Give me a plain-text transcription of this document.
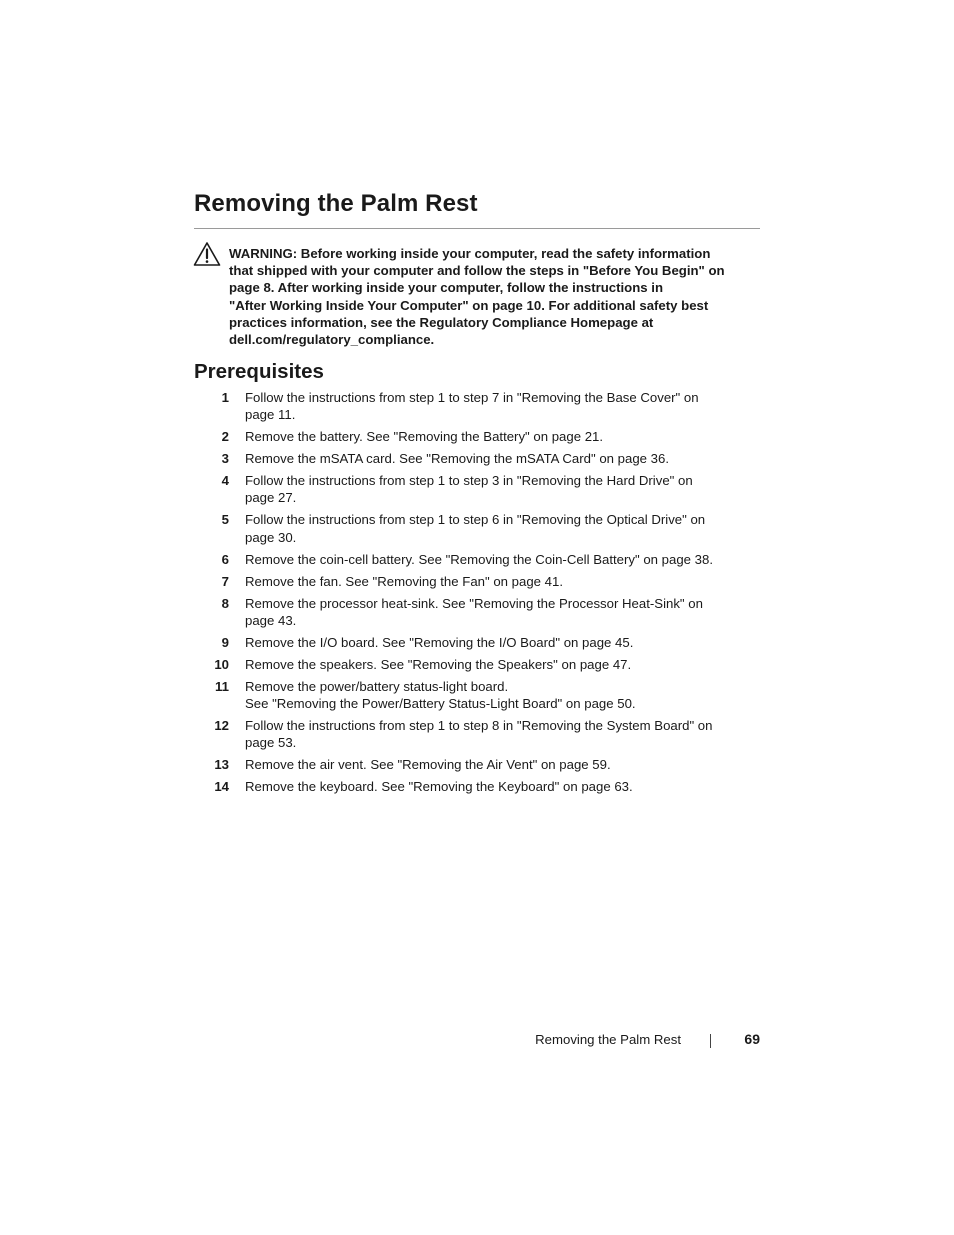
Removing the Palm Rest
WARNING: Before working inside your computer, read the safety information
that shipped with your computer and follow the steps in "Before You Begin" on
page 8. After working inside your computer, follow the instructions in
"After Working Inside Your Computer" on page 10. For additional safety best
practices information, see the Regulatory Compliance Homepage at
dell.com/regulatory_compliance.
Prerequisites
1 Follow the instructions from step 1 to step 7 in "Removing the Base Cover" on
page 11.
2 Remove the battery. See "Removing the Battery" on page 21.
3 Remove the mSATA card. See "Removing the mSATA Card" on page 36.
4 Follow the instructions from step 1 to step 3 in "Removing the Hard Drive" on
page 27.
5 Follow the instructions from step 1 to step 6 in "Removing the Optical Drive" on
page 30.
6 Remove the coin-cell battery. See "Removing the Coin-Cell Battery" on page 38.
7 Remove the fan. See "Removing the Fan" on page 41.
8 Remove the processor heat-sink. See "Removing the Processor Heat-Sink" on
page 43.
9 Remove the I/O board. See "Removing the I/O Board" on page 45.
10 Remove the speakers. See "Removing the Speakers" on page 47.
11 Remove the power/battery status-light board.
See "Removing the Power/Battery Status-Light Board" on page 50.
12 Follow the instructions from step 1 to step 8 in "Removing the System Board" on
page 53.
13 Remove the air vent. See "Removing the Air Vent" on page 59.
14 Remove the keyboard. See "Removing the Keyboard" on page 63.
Removing the Palm Rest	69
